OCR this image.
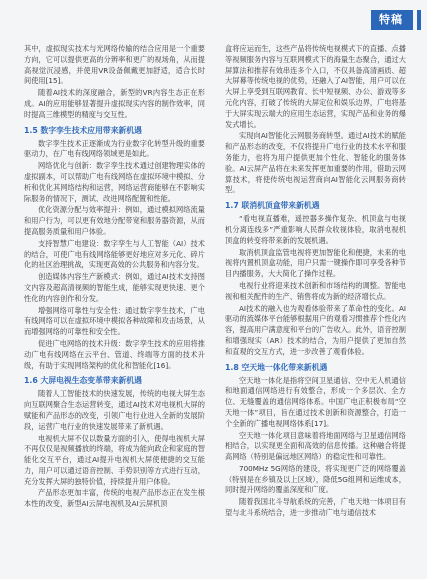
特稿

其中，虚拟现实技术与光网络传输的结合应用是一个重要方向，它可以提供更高的分辨率和更广的视场角，从而提高视觉沉浸感，并使用VR设备佩戴更加舒适，适合长时间使用[15]。

随着AI技术的深度融合，新型的VR内容生态正在形成。AI的应用能够显著提升虚拟现实内容的制作效率，同时提高三维模型的精度与交互性。

1.5 数字孪生技术应用带来新机遇

数字孪生技术正逐渐成为行业数字化转型升级的重要驱动力，在广电有线网络领域更是如此。

网络优化与创新：数字孪生技术通过创建物理实体的虚拟副本，可以帮助广电有线网络在虚拟环境中模拟、分析和优化其网络结构和运营，网络运营商能够在不影响实际服务的情况下，测试、改进网络配置和性能。

优化资源分配与效率提升：例如，通过模拟网络流量和用户行为，可以更有效地分配带宽和服务器资源，从而提高服务质量和用户体验。

支持智慧广电建设：数字孪生与人工智能（AI）技术的结合，可使广电有线网络能够更好地应对多元化、碎片化的社区治理挑战，实现更高效的公共服务和内容分发。

创造媒体内容生产新模式：例如，通过AI技术支持图文内容及超高清视频的智能生成，能够实现更快速、更个性化的内容创作和分发。

增强网络可靠性与安全性：通过数字孪生技术，广电有线网络可以在虚拟环境中模拟各种故障和攻击场景，从而增强网络的可靠性和安全性。

促进广电网络的技术升级：数字孪生技术的应用将推动广电有线网络在云平台、管道、终端等方面的技术升级，有助于实现网络架构的优化和智能化[16]。

1.6 大屏电视生态变革带来新机遇

随着人工智能技术的快速发展，传统的电视大屏生态向互联网聚合生态运营转变，通过AI技术对电视机大屏的赋能和产品形态的改变，引领广电行业进入全新的发展阶段，运营广电行业的快速发展带来了新机遇。

电视机大屏不仅以数量方面的引入，使得电视机大屏不再仅仅是视频播放的终端，将成为能向政企和家庭的智能化交互平台，通过AI提升电视机大屏使便捷的交互能力，用户可以通过语音控制、手势识别等方式进行互动，充分发挥大屏的独特价值，持续提升用户体验。

产品形态更加丰富，传统的电视产品形态正在发生根本性的改变，新型AI云屏电视机及AI云屏机顶

盒将应运而生，这些产品将传统电视模式下的直播、点播等视频服务内容与互联网模式下的海量生态聚合，通过大屏算法和推荐有效串连多个入口，不仅具备高清画质、超大屏幕等传统电视的优势，还融入了AI智能，用户可以在大屏上享受到互联网教育、长中短视频、办公、游戏等多元化内容，打破了传统的大屏定位和娱乐边界，广电将基于大屏实现云端大的应用生态运营，实现产品和业务的爆发式增长。

实现向AI智能化云网服务商转型。通过AI技术的赋能和产品形态的改变，不仅将提升广电行业的技术水平和服务能力，也将为用户提供更加个性化、智能化的服务体验。AI云屏产品将在未来发挥更加重要的作用，借助云网算技术，将使传统电视运营商向AI智能化云网服务商转型。

1.7 联消机顶盒带来新机遇

“看电视直播难，遥控器多操作复杂、机顶盒与电视机分离连线多”严重影响人民群众收视体验，取消电视机顶盒的转变将带来新的发展机遇。

取消机顶盒监管电视将更加智能化和便捷，未来的电视将内置机顶盒功能，用户只需一键操作即可享受各种节目内播服务，大大简化了操作过程。

电视行业将迎来技术创新和市场结构的调整。智能电视和相关配件的生产、销售将成为新的经济增长点。

AI技术的融入也为观看体验带来了革命性的变化。AI驱动的流媒体平台能够根据用户的观看习惯推荐个性化内容，提高用户满意度和平台的广告收入。此外，语音控制和增强现实（AR）技术的结合，为用户提供了更加自然和直观的交互方式，进一步改善了观看体验。

1.8 空天地一体化带来新机遇

空天地一体化是指将空间卫星通信、空中无人机通信和地面通信网络进行有效整合，形成一个多层次、全方位、无缝覆盖的通信网络体系。中国广电正积极布局“空天地一体”项目，旨在通过技术创新和资源整合，打造一个全新的广播电视网络体系[17]。

空天地一体化项目意味着将地面网络与卫星通信网络相结合，以实现更全面和高效的信息传播。这种融合将提高网络（特别是偏远地区网络）的稳定性和可靠性。

700MHz 5G网络的建设，将实现更广泛的网络覆盖（特别是在乡镇及以上区域），降低5G组网和运维成本，同时提升网络的覆盖深度和广度。

随着我国北斗导航系统的完善，广电天地一体项目有望与北斗系统结合，进一步推动广电与通信技术
